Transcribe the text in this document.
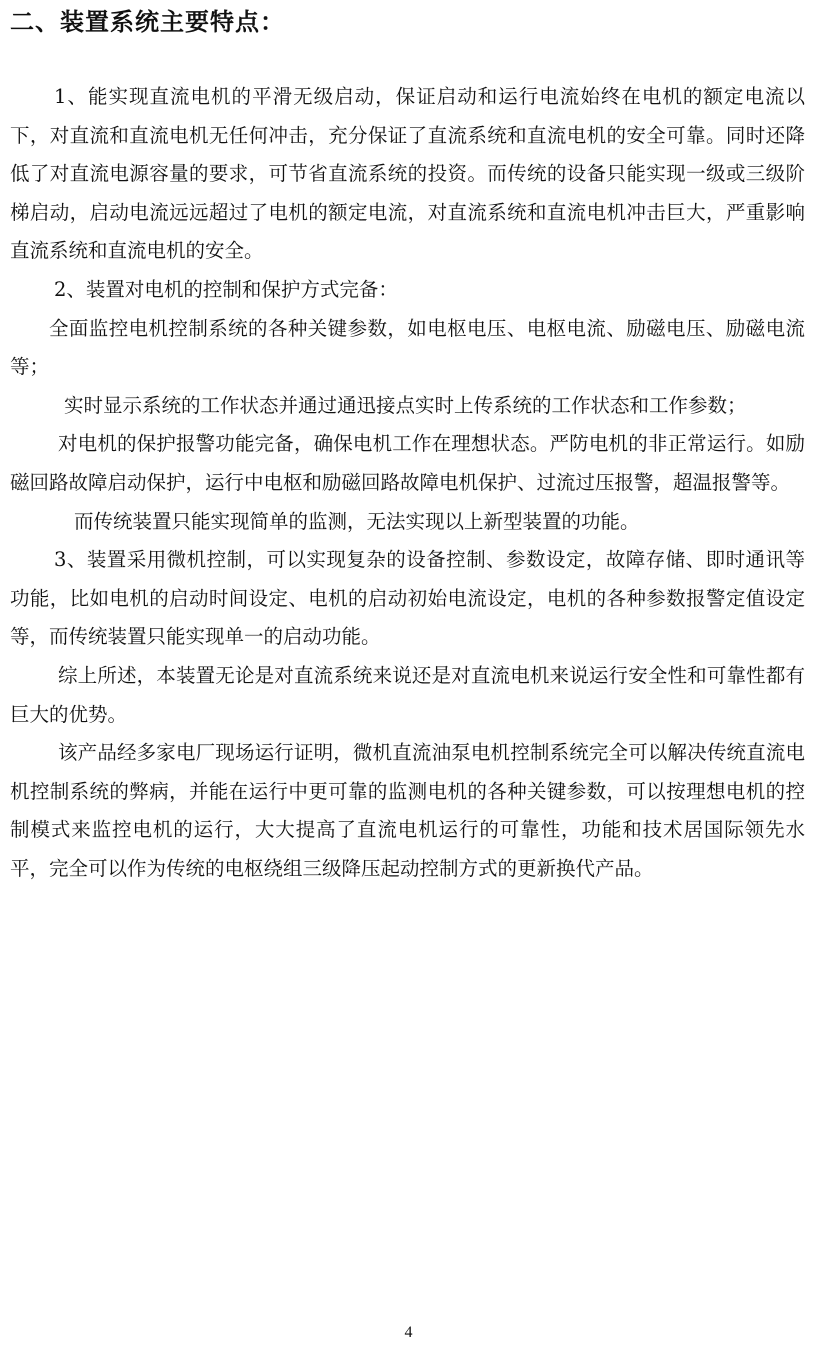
二、装置系统主要特点：

1、能实现直流电机的平滑无级启动，保证启动和运行电流始终在电机的额定电流以下，对直流和直流电机无任何冲击，充分保证了直流系统和直流电机的安全可靠。同时还降低了对直流电源容量的要求，可节省直流系统的投资。而传统的设备只能实现一级或三级阶梯启动，启动电流远远超过了电机的额定电流，对直流系统和直流电机冲击巨大，严重影响直流系统和直流电机的安全。

2、装置对电机的控制和保护方式完备：

全面监控电机控制系统的各种关键参数，如电枢电压、电枢电流、励磁电压、励磁电流等；

实时显示系统的工作状态并通过通迅接点实时上传系统的工作状态和工作参数；

对电机的保护报警功能完备，确保电机工作在理想状态。严防电机的非正常运行。如励磁回路故障启动保护，运行中电枢和励磁回路故障电机保护、过流过压报警，超温报警等。

而传统装置只能实现简单的监测，无法实现以上新型装置的功能。

3、装置采用微机控制，可以实现复杂的设备控制、参数设定，故障存储、即时通讯等功能，比如电机的启动时间设定、电机的启动初始电流设定，电机的各种参数报警定值设定等，而传统装置只能实现单一的启动功能。

综上所述，本装置无论是对直流系统来说还是对直流电机来说运行安全性和可靠性都有巨大的优势。

该产品经多家电厂现场运行证明，微机直流油泵电机控制系统完全可以解决传统直流电机控制系统的弊病，并能在运行中更可靠的监测电机的各种关键参数，可以按理想电机的控制模式来监控电机的运行，大大提高了直流电机运行的可靠性，功能和技术居国际领先水平，完全可以作为传统的电枢绕组三级降压起动控制方式的更新换代产品。

4
